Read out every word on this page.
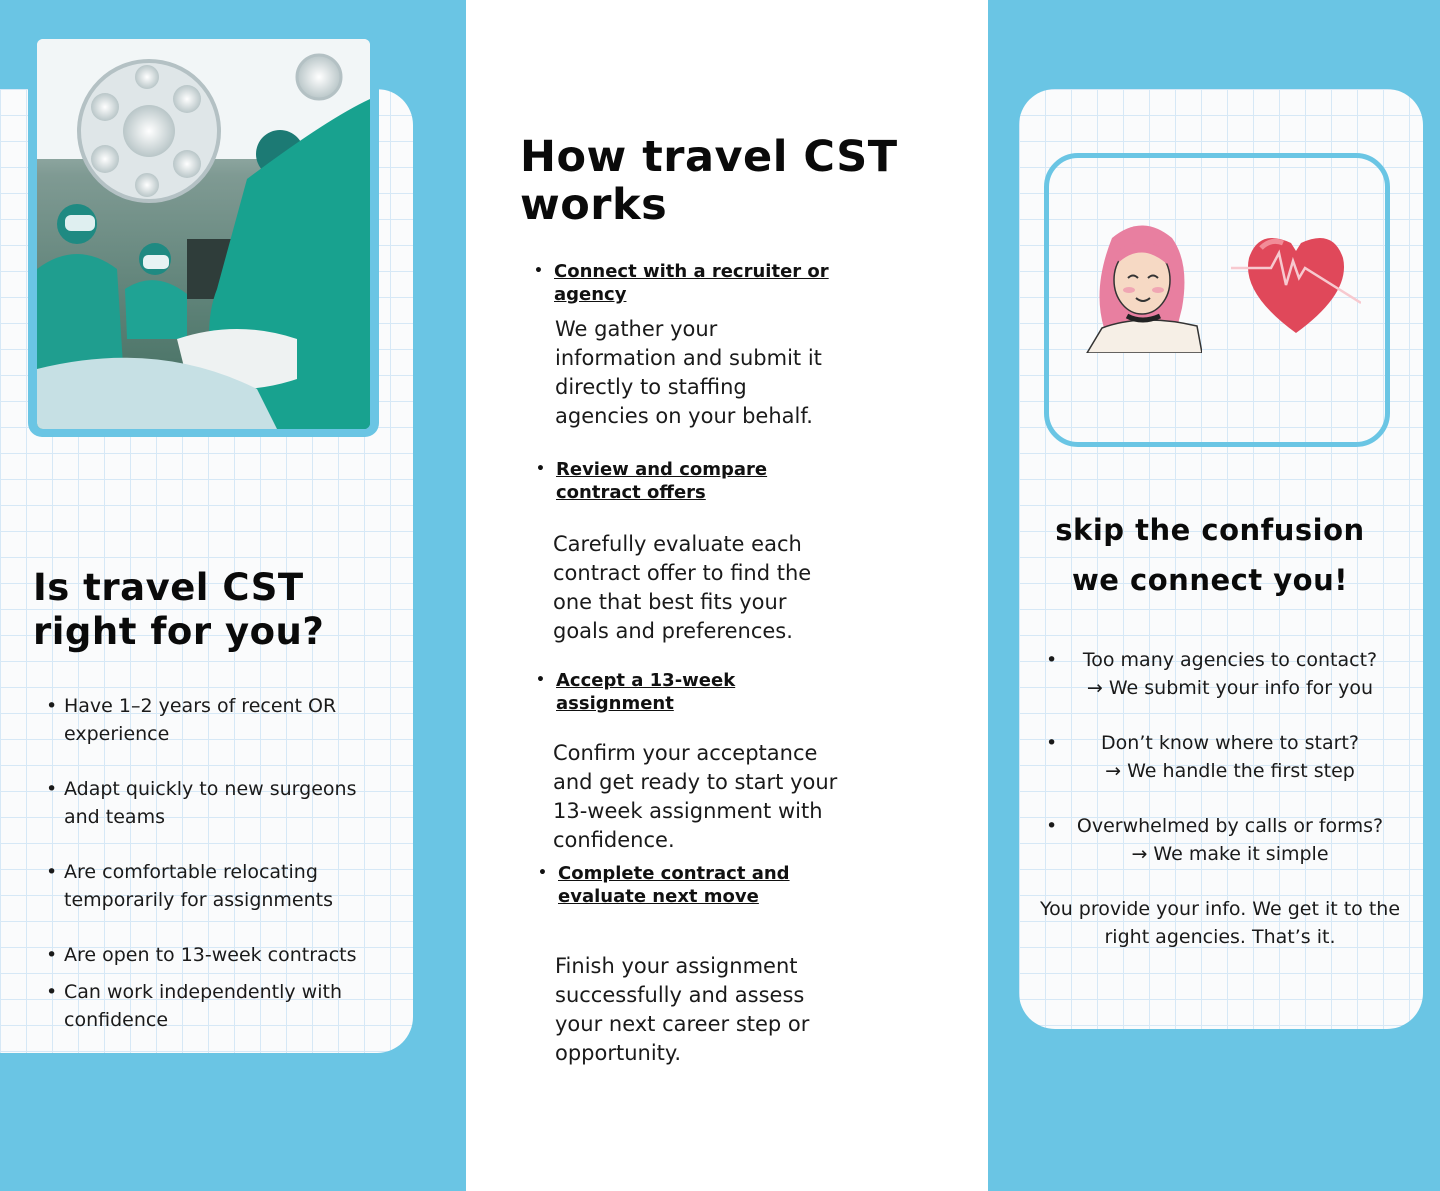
Is travel CST right for you?
• Have 1–2 years of recent OR experience
• Adapt quickly to new surgeons and teams
• Are comfortable relocating temporarily for assignments
• Are open to 13-week contracts
• Can work independently with confidence
How travel CST works
• Connect with a recruiter or agency

We gather your information and submit it directly to staffing agencies on your behalf.

• Review and compare contract offers

Carefully evaluate each contract offer to find the one that best fits your goals and preferences.

• Accept a 13-week assignment

Confirm your acceptance and get ready to start your 13-week assignment with confidence.

• Complete contract and evaluate next move

Finish your assignment successfully and assess your next career step or opportunity.

skip the confusion
we connect you!
• Too many agencies to contact?
→ We submit your info for you
• Don’t know where to start?
→ We handle the first step
• Overwhelmed by calls or forms?
→ We make it simple

You provide your info. We get it to the right agencies. That’s it.
